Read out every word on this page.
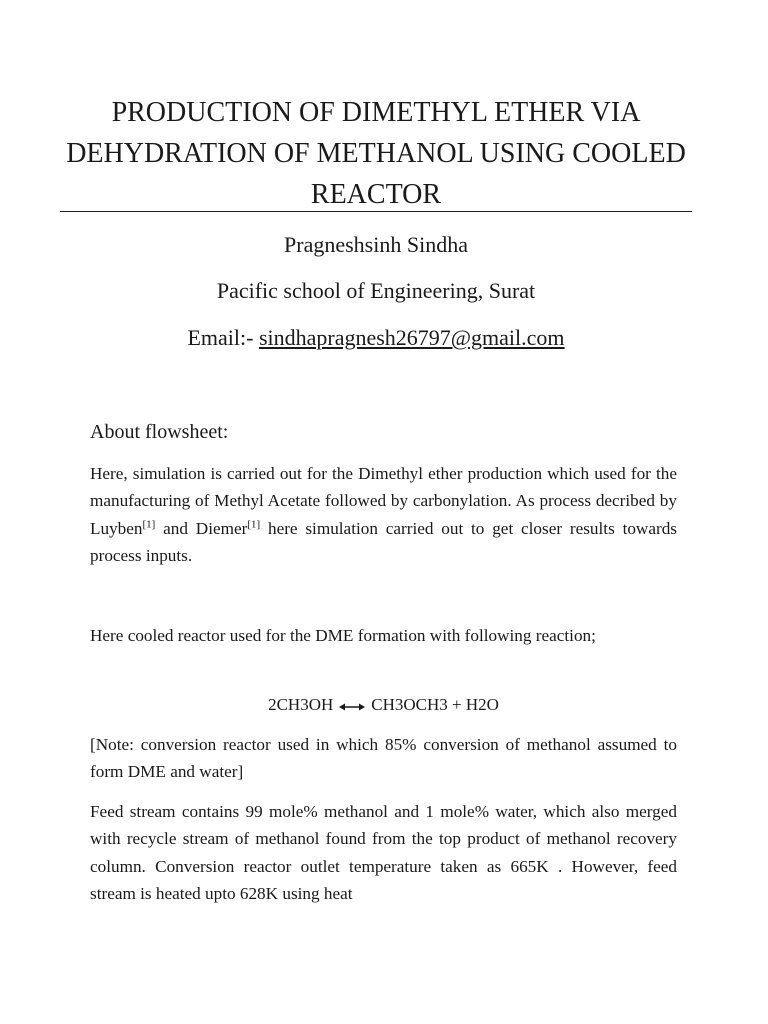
PRODUCTION OF DIMETHYL ETHER VIA DEHYDRATION OF METHANOL USING COOLED REACTOR

Pragneshsinh Sindha

Pacific school of Engineering, Surat

Email:- sindhapragnesh26797@gmail.com

About flowsheet:

Here, simulation is carried out for the Dimethyl ether production which used for the manufacturing of Methyl Acetate followed by carbonylation. As process decribed by Luyben[1] and Diemer[1] here simulation carried out to get closer results towards process inputs.

Here cooled reactor used for the DME formation with following reaction;

2CH3OH CH3OCH3 + H2O

[Note: conversion reactor used in which 85% conversion of methanol assumed to form DME and water]

Feed stream contains 99 mole% methanol and 1 mole% water, which also merged with recycle stream of methanol found from the top product of methanol recovery column. Conversion reactor outlet temperature taken as 665K . However, feed stream is heated upto 628K using heat
